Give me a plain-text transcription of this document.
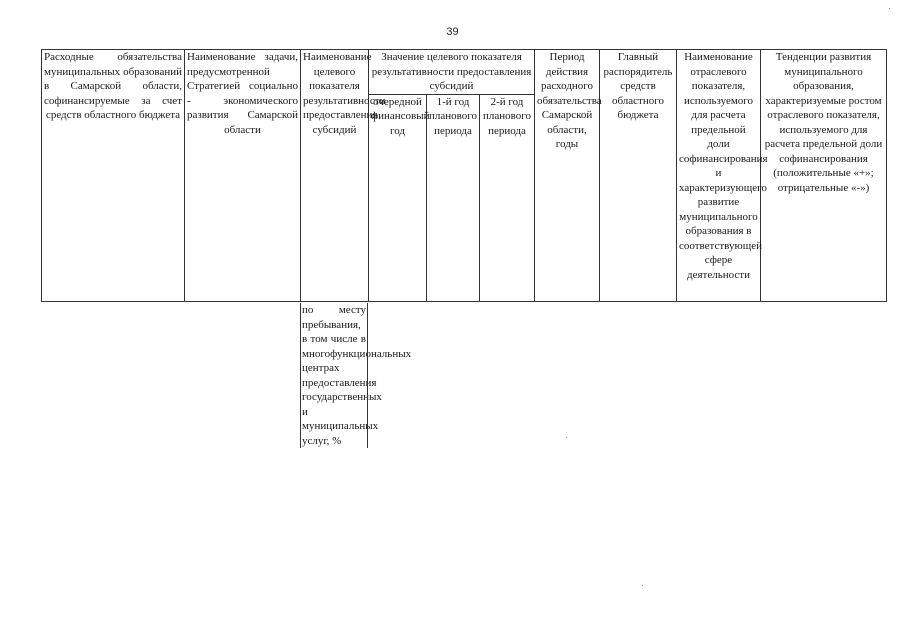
39
Расходные обязательства муниципальных образований в Самарской области, софинансируемые за счет средств областного бюджета	Наименование задачи, предусмотренной Стратегией социально - экономического развития Самарской области	Наименование целевого показателя результативности предоставления субсидий	Значение целевого показателя результативности предоставления субсидий			Период действия расходного обязательства Самарской области, годы	Главный распорядитель средств областного бюджета	Наименование отраслевого показателя, используемого для расчета предельной доли софинансирования и характеризующего развитие муниципального образования в соответствующей сфере деятельности	Тенденции развития муниципального образования, характеризуемые ростом отраслевого показателя, используемого для расчета предельной доли софинансирования (положительные «+»; отрицательные «-»)
			очередной финансовый год	1-й год планового периода	2-й год планового периода				
по месту пребывания, в том числе в многофункциональных центрах предоставления государственных и муниципальных услуг, %
